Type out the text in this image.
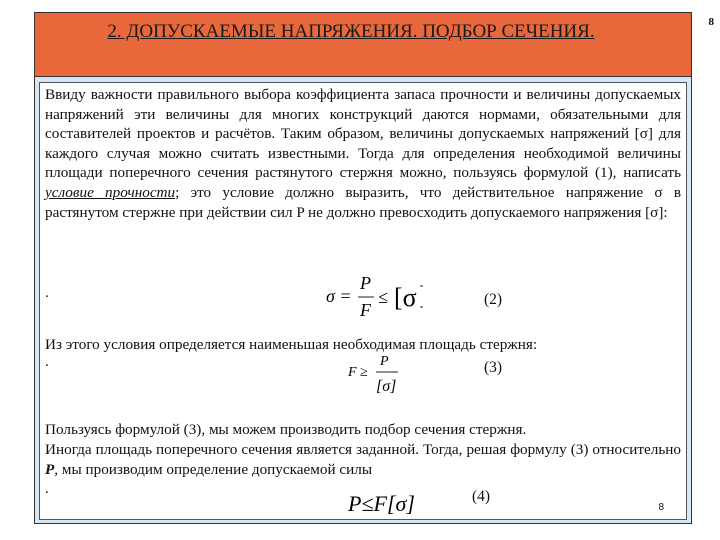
8
2. ДОПУСКАЕМЫЕ НАПРЯЖЕНИЯ. ПОДБОР СЕЧЕНИЯ.

Ввиду важности правильного выбора коэффициента запаса прочности и величины допускаемых напряжений эти величины для многих конструкций даются нормами, обязательными для составителей проектов и расчётов. Таким образом, величины допускаемых напряжений [σ] для каждого случая можно считать известными. Тогда для определения необходимой величины площади поперечного сечения растянутого стержня можно, пользуясь формулой (1), написать условие прочности; это условие должно выразить, что действительное напряжение σ в растянутом стержне при действии сил P не должно превосходить допускаемого напряжения [σ]:

.	σ =
P
F
≤ [σ	(2)

Из этого условия определяется наименьшая необходимая площадь стержня:

.
F ≥
P
[σ]
(3)

Пользуясь формулой (3), мы можем производить подбор сечения стержня.

Иногда площадь поперечного сечения является заданной. Тогда, решая формулу (3) относительно P, мы производим определение допускаемой силы

.
P≤F[σ]	(4)
8
